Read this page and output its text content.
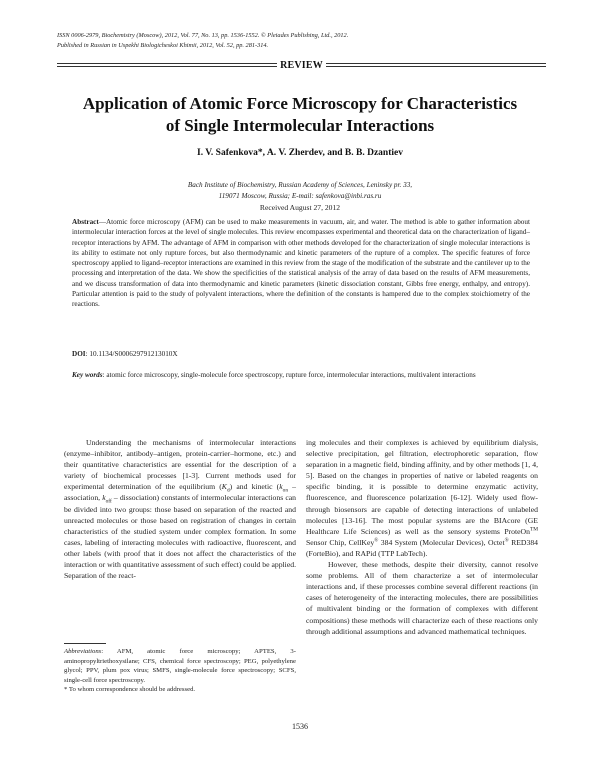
ISSN 0006-2979, Biochemistry (Moscow), 2012, Vol. 77, No. 13, pp. 1536-1552. © Pleiades Publishing, Ltd., 2012.
Published in Russian in Uspekhi Biologicheskoi Khimii, 2012, Vol. 52, pp. 281-314.
REVIEW
Application of Atomic Force Microscopy for Characteristics
of Single Intermolecular Interactions
I. V. Safenkova*, A. V. Zherdev, and B. B. Dzantiev
Bach Institute of Biochemistry, Russian Academy of Sciences, Leninsky pr. 33,
119071 Moscow, Russia; E-mail: safenkova@inbi.ras.ru
Received August 27, 2012
Abstract—Atomic force microscopy (AFM) can be used to make measurements in vacuum, air, and water. The method is able to gather information about intermolecular interaction forces at the level of single molecules. This review encompasses experimental and theoretical data on the characterization of ligand–receptor interactions by AFM. The advantage of AFM in comparison with other methods developed for the characterization of single molecular interactions is its ability to estimate not only rupture forces, but also thermodynamic and kinetic parameters of the rupture of a complex. The specific features of force spectroscopy applied to ligand–receptor interactions are examined in this review from the stage of the modification of the substrate and the cantilever up to the processing and interpretation of the data. We show the specificities of the statistical analysis of the array of data based on the results of AFM measurements, and we discuss transformation of data into thermodynamic and kinetic parameters (kinetic dissociation constant, Gibbs free energy, enthalpy, and entropy). Particular attention is paid to the study of polyvalent interactions, where the definition of the constants is hampered due to the complex stoichiometry of the reactions.
DOI: 10.1134/S000629791213010X
Key words: atomic force microscopy, single-molecule force spectroscopy, rupture force, intermolecular interactions, multivalent interactions

Understanding the mechanisms of intermolecular interactions (enzyme–inhibitor, antibody–antigen, protein-carrier–hormone, etc.) and their quantitative characteristics are essential for the description of a variety of biochemical processes [1-3]. Current methods used for experimental determination of the equilibrium $(K_d)$ and kinetic ($k_{on}$ – association, $k_{off}$ – dissociation) constants of intermolecular interactions can be divided into two groups: those based on separation of the reacted and unreacted molecules or those based on registration of changes in certain characteristics of the studied system under complex formation. In some cases, labeling of interacting molecules with radioactive, fluorescent, and other labels (with proof that it does not affect the characteristics of the interaction or with quantitative assessment of such effect) could be applied. Separation of the react-

ing molecules and their complexes is achieved by equilibrium dialysis, selective precipitation, gel filtration, electrophoretic separation, flow separation in a magnetic field, binding affinity, and by other methods [1, 4, 5]. Based on the changes in properties of native or labeled reagents on specific binding, it is possible to determine enzymatic activity, fluorescence, and fluorescence polarization [6-12]. Widely used flow-through biosensors are capable of detecting interactions of unlabeled molecules [13-16]. The most popular systems are the BIAcore (GE Healthcare Life Sciences) as well as the sensory systems ProteOn™ Sensor Chip, CellKey® 384 System (Molecular Devices), Octet® RED384 (ForteBio), and RAPid (TTP LabTech).

However, these methods, despite their diversity, cannot resolve some problems. All of them characterize a set of intermolecular interactions and, if these processes combine several different reactions (in cases of heterogeneity of the interacting molecules, there are possibilities of multivalent binding or the formation of complexes with different compositions) these methods will characterize each of these reactions only through additional assumptions and advanced mathematical techniques.

Abbreviations: AFM, atomic force microscopy; APTES, 3-aminopropyltriethoxysilane; CFS, chemical force spectroscopy; PEG, polyethylene glycol; PPV, plum pox virus; SMFS, single-molecule force spectroscopy; SCFS, single-cell force spectroscopy.
* To whom correspondence should be addressed.
1536
